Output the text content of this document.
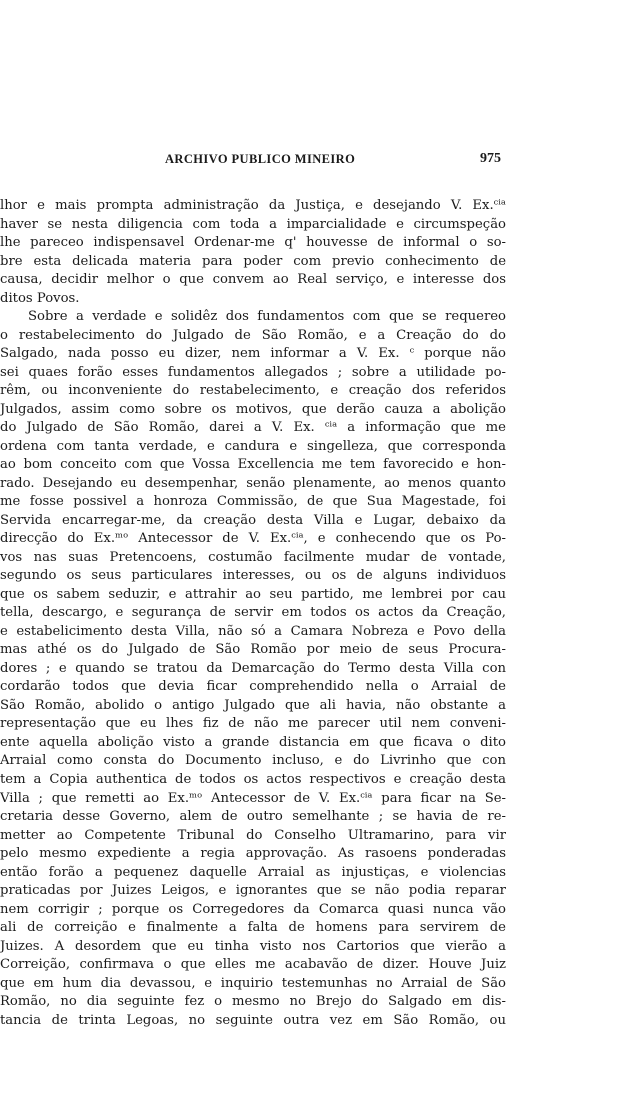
ARCHIVO PUBLICO MINEIRO	975
lhor e mais prompta administração da Justiça, e desejando V. Ex.ᶜⁱᵃ
haver se nesta diligencia com toda a imparcialidade e circumspeção
lhe pareceo indispensavel Ordenar-me q' houvesse de informal o so-
bre esta delicada materia para poder com previo conhecimento de
causa, decidir melhor o que convem ao Real serviço, e interesse dos
ditos Povos.
Sobre a verdade e solidêz dos fundamentos com que se requereo
o restabelecimento do Julgado de São Romão, e a Creação do do
Salgado, nada posso eu dizer, nem informar a V. Ex. ᶜ porque não
sei quaes forão esses fundamentos allegados ; sobre a utilidade po-
rêm, ou inconveniente do restabelecimento, e creação dos referidos
Julgados, assim como sobre os motivos, que derão cauza a abolição
do Julgado de São Romão, darei a V. Ex. ᶜⁱᵃ a informação que me
ordena com tanta verdade, e candura e singelleza, que corresponda
ao bom conceito com que Vossa Excellencia me tem favorecido e hon-
rado. Desejando eu desempenhar, senão plenamente, ao menos quanto
me fosse possivel a honroza Commissão, de que Sua Magestade, foi
Servida encarregar-me, da creação desta Villa e Lugar, debaixo da
direcção do Ex.ᵐᵒ Antecessor de V. Ex.ᶜⁱᵃ, e conhecendo que os Po-
vos nas suas Pretencoens, costumão facilmente mudar de vontade,
segundo os seus particulares interesses, ou os de alguns individuos
que os sabem seduzir, e attrahir ao seu partido, me lembrei por cau
tella, descargo, e segurança de servir em todos os actos da Creação,
e estabelicimento desta Villa, não só a Camara Nobreza e Povo della
mas athé os do Julgado de São Romão por meio de seus Procura-
dores ; e quando se tratou da Demarcação do Termo desta Villa con
cordarão todos que devia ficar comprehendido nella o Arraial de
São Romão, abolido o antigo Julgado que ali havia, não obstante a
representação que eu lhes fiz de não me parecer util nem conveni-
ente aquella abolição visto a grande distancia em que ficava o dito
Arraial como consta do Documento incluso, e do Livrinho que con
tem a Copia authentica de todos os actos respectivos e creação desta
Villa ; que remetti ao Ex.ᵐᵒ Antecessor de V. Ex.ᶜⁱᵃ para ficar na Se-
cretaria desse Governo, alem de outro semelhante ; se havia de re-
metter ao Competente Tribunal do Conselho Ultramarino, para vir
pelo mesmo expediente a regia approvação. As rasoens ponderadas
então forão a pequenez daquelle Arraial as injustiças, e violencias
praticadas por Juizes Leigos, e ignorantes que se não podia reparar
nem corrigir ; porque os Corregedores da Comarca quasi nunca vão
ali de correição e finalmente a falta de homens para servirem de
Juizes. A desordem que eu tinha visto nos Cartorios que vierão a
Correição, confirmava o que elles me acabavão de dizer. Houve Juiz
que em hum dia devassou, e inquirio testemunhas no Arraial de São
Romão, no dia seguinte fez o mesmo no Brejo do Salgado em dis-
tancia de trinta Legoas, no seguinte outra vez em São Romão, ou
